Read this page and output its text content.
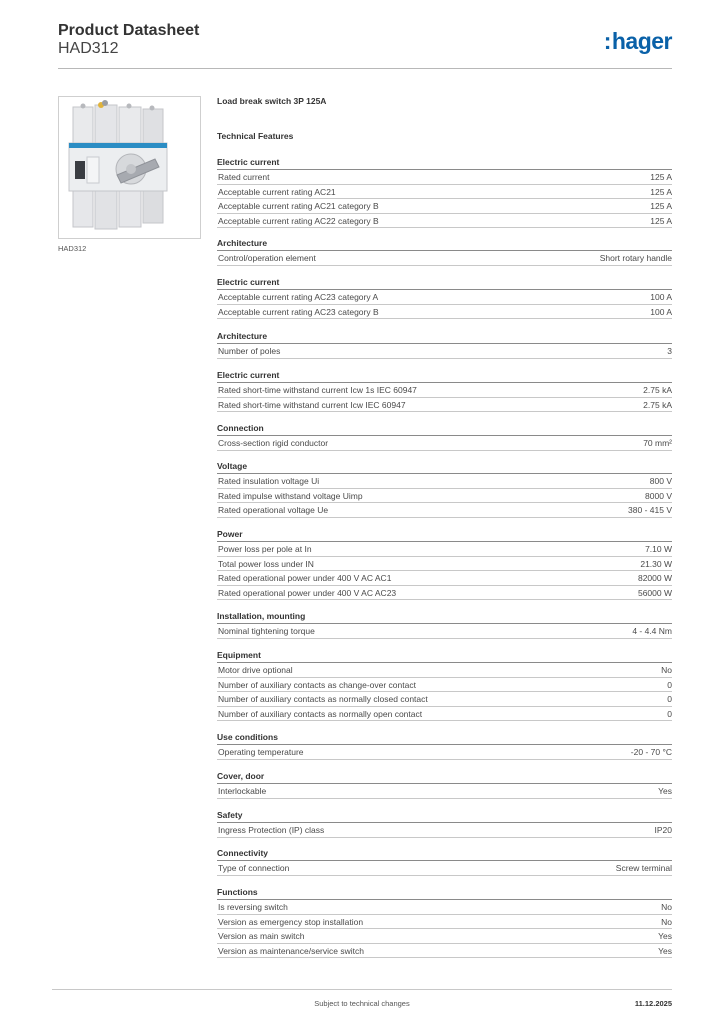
Product Datasheet
HAD312	:hager
HAD312
Load break switch 3P 125A
Technical Features
Electric current
Rated current	125 A
Acceptable current rating AC21	125 A
Acceptable current rating AC21 category B	125 A
Acceptable current rating AC22 category B	125 A
Architecture
Control/operation element	Short rotary handle
Electric current
Acceptable current rating AC23 category A	100 A
Acceptable current rating AC23 category B	100 A
Architecture
Number of poles	3
Electric current
Rated short-time withstand current Icw 1s IEC 60947	2.75 kA
Rated short-time withstand current Icw IEC 60947	2.75 kA
Connection
Cross-section rigid conductor	70 mm²
Voltage
Rated insulation voltage Ui	800 V
Rated impulse withstand voltage Uimp	8000 V
Rated operational voltage Ue	380 - 415 V
Power
Power loss per pole at In	7.10 W
Total power loss under IN	21.30 W
Rated operational power under 400 V AC AC1	82000 W
Rated operational power under 400 V AC AC23	56000 W
Installation, mounting
Nominal tightening torque	4 - 4.4 Nm
Equipment
Motor drive optional	No
Number of auxiliary contacts as change-over contact	0
Number of auxiliary contacts as normally closed contact	0
Number of auxiliary contacts as normally open contact	0
Use conditions
Operating temperature	-20 - 70 °C
Cover, door
Interlockable	Yes
Safety
Ingress Protection (IP) class	IP20
Connectivity
Type of connection	Screw terminal
Functions
Is reversing switch	No
Version as emergency stop installation	No
Version as main switch	Yes
Version as maintenance/service switch	Yes
Subject to technical changes	11.12.2025
